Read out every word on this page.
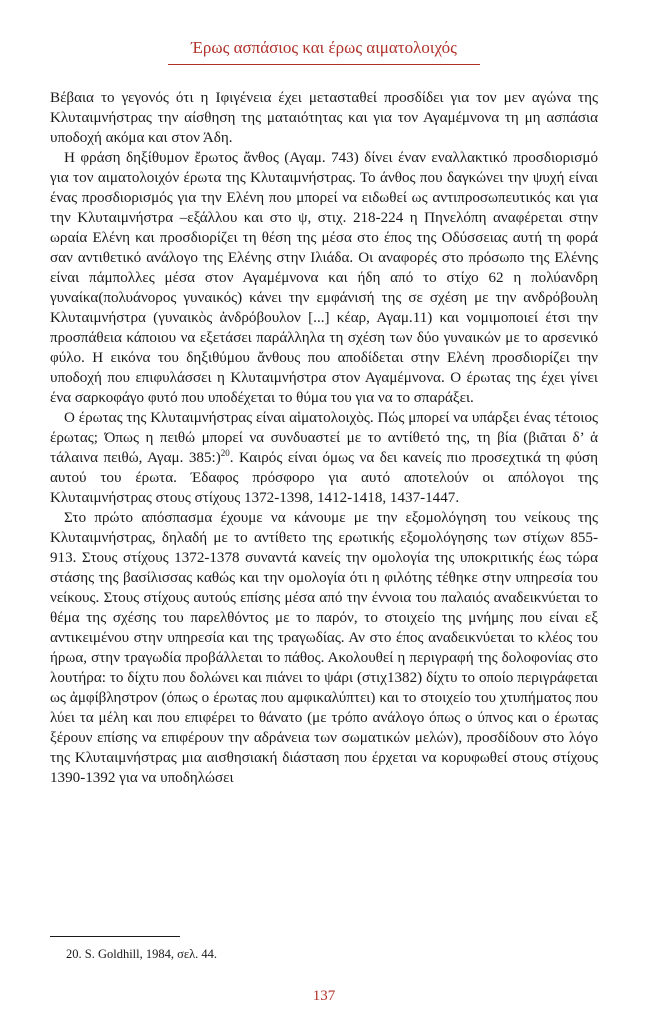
Έρως ασπάσιος και έρως αιματολοιχός

Βέβαια το γεγονός ότι η Ιφιγένεια έχει μετασταθεί προσδίδει για τον μεν αγώνα της Κλυταιμνήστρας την αίσθηση της ματαιότητας και για τον Αγαμέμνονα τη μη ασπάσια υποδοχή ακόμα και στον Άδη.

Η φράση δηξίθυμον ἔρωτος ἄνθος (Αγαμ. 743) δίνει έναν εναλλακτικό προσδιορισμό για τον αιματολοιχόν έρωτα της Κλυταιμνήστρας. Το άνθος που δαγκώνει την ψυχή είναι ένας προσδιορισμός για την Ελένη που μπορεί να ειδωθεί ως αντιπροσωπευτικός και για την Κλυταιμνήστρα –εξάλλου και στο ψ, στιχ. 218-224 η Πηνελόπη αναφέρεται στην ωραία Ελένη και προσδιορίζει τη θέση της μέσα στο έπος της Οδύσσειας αυτή τη φορά σαν αντιθετικό ανάλογο της Ελένης στην Ιλιάδα. Οι αναφορές στο πρόσωπο της Ελένης είναι πάμπολλες μέσα στον Αγαμέμνονα και ήδη από το στίχο 62 η πολύανδρη γυναίκα(πολυάνορος γυναικός) κάνει την εμφάνισή της σε σχέση με την ανδρόβουλη Κλυταιμνήστρα (γυναικὸς ἀνδρόβουλον [...] κέαρ, Αγαμ.11) και νομιμοποιεί έτσι την προσπάθεια κάποιου να εξετάσει παράλληλα τη σχέση των δύο γυναικών με το αρσενικό φύλο. Η εικόνα του δηξιθύμου ἄνθους που αποδίδεται στην Ελένη προσδιορίζει την υποδοχή που επιφυλάσσει η Κλυταιμνήστρα στον Αγαμέμνονα. Ο έρωτας της έχει γίνει ένα σαρκοφάγο φυτό που υποδέχεται το θύμα του για να το σπαράξει.

Ο έρωτας της Κλυταιμνήστρας είναι αἱματολοιχὸς. Πώς μπορεί να υπάρξει ένας τέτοιος έρωτας; Όπως η πειθώ μπορεί να συνδυαστεί με το αντίθετό της, τη βία (βιᾶται δ’ ἁ τάλαινα πειθώ, Αγαμ. 385:)$^{20}$. Καιρός είναι όμως να δει κανείς πιο προσεχτικά τη φύση αυτού του έρωτα. Έδαφος πρόσφορο για αυτό αποτελούν οι απόλογοι της Κλυταιμνήστρας στους στίχους 1372-1398, 1412-1418, 1437-1447.

Στο πρώτο απόσπασμα έχουμε να κάνουμε με την εξομολόγηση του νείκους της Κλυταιμνήστρας, δηλαδή με το αντίθετο της ερωτικής εξομολόγησης των στίχων 855-913. Στους στίχους 1372-1378 συναντά κανείς την ομολογία της υποκριτικής έως τώρα στάσης της βασίλισσας καθώς και την ομολογία ότι η φιλότης τέθηκε στην υπηρεσία του νείκους. Στους στίχους αυτούς επίσης μέσα από την έννοια του παλαιός αναδεικνύεται το θέμα της σχέσης του παρελθόντος με το παρόν, το στοιχείο της μνήμης που είναι εξ αντικειμένου στην υπηρεσία και της τραγωδίας. Αν στο έπος αναδεικνύεται το κλέος του ήρωα, στην τραγωδία προβάλλεται το πάθος. Ακολουθεί η περιγραφή της δολοφονίας στο λουτήρα: το δίχτυ που δολώνει και πιάνει το ψάρι (στιχ1382) δίχτυ το οποίο περιγράφεται ως ἀμφίβληστρον (όπως ο έρωτας που αμφικαλύπτει) και το στοιχείο του χτυπήματος που λύει τα μέλη και που επιφέρει το θάνατο (με τρόπο ανάλογο όπως ο ύπνος και ο έρωτας ξέρουν επίσης να επιφέρουν την αδράνεια των σωματικών μελών), προσδίδουν στο λόγο της Κλυταιμνήστρας μια αισθησιακή διάσταση που έρχεται να κορυφωθεί στους στίχους 1390-1392 για να υποδηλώσει

20. S. Goldhill, 1984, σελ. 44.
137
